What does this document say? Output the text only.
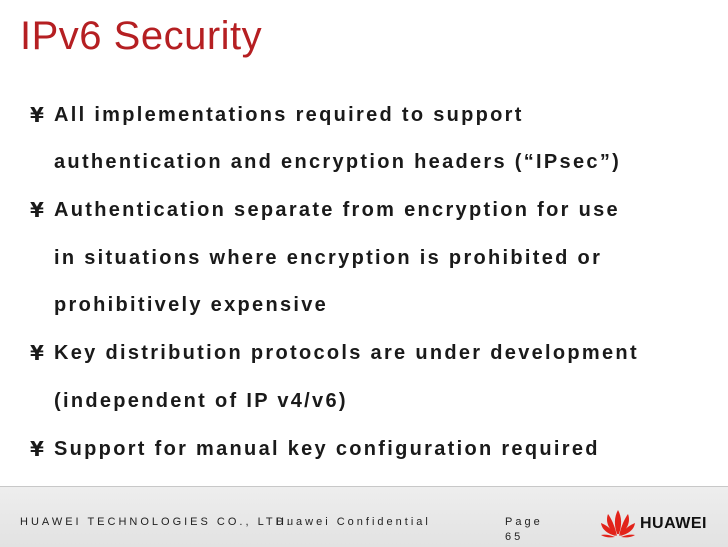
IPv6 Security
¥ All implementations required to support
authentication and encryption headers (“IPsec”)
¥ Authentication separate from encryption for use
in situations where encryption is prohibited or
prohibitively expensive
¥ Key distribution protocols are under development
(independent of IP v4/v6)
¥ Support for manual key configuration required
HUAWEI TECHNOLOGIES CO., LTD.
Huawei Confidential	Page
65
HUAWEI
